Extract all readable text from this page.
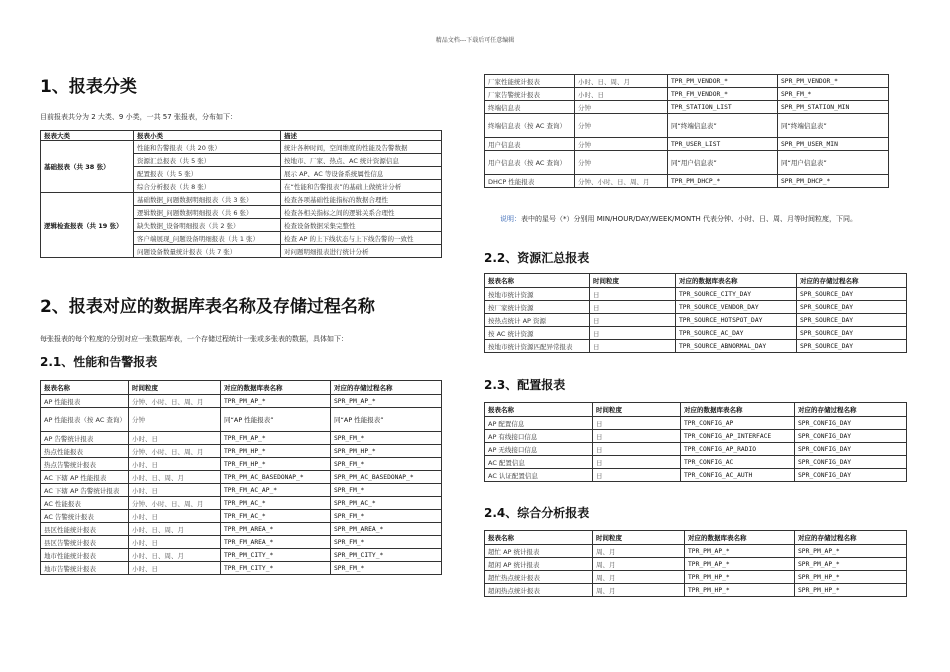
精品文档---下载后可任意编辑
1、报表分类
目前报表共分为 2 大类、9 小类，一共 57 张报表，分布如下：
报表大类	报表小类	描述
基础报表（共 38 张）	性能和告警报表（共 20 张）	统计各种时间，空间维度的性能及告警数据
	资源汇总报表（共 5 张）	按地市、厂家、热点、AC 统计资源信息
	配置报表（共 5 张）	展示 AP、AC 等设备系统属性信息
	综合分析报表（共 8 张）	在“性能和告警报表”的基础上做统计分析
逻辑检查报表（共 19 张）	基础数据_问题数据明细报表（共 3 张）	检查各项基础性能指标的数据合理性
	逻辑数据_问题数据明细报表（共 6 张）	检查各相关指标之间的逻辑关系合理性
	缺失数据_设备明细报表（共 2 张）	检查设备数据采集完整性
	客户端展现_问题设备明细报表（共 1 张）	检查 AP 的上下线状态与上下线告警的一致性
	问题设备数量统计报表（共 7 张）	对问题明细报表进行统计分析
2、报表对应的数据库表名称及存储过程名称
每张报表的每个粒度的分别对应一张数据库表，一个存储过程统计一张或多张表的数据，具体如下：
2.1、性能和告警报表
报表名称	时间粒度	对应的数据库表名称	对应的存储过程名称
AP 性能报表	分钟、小时、日、周、月	TPR_PM_AP_*	SPR_PM_AP_*
AP 性能报表（按 AC 查询）	分钟	同“AP 性能报表”	同“AP 性能报表”
AP 告警统计报表	小时、日	TPR_FM_AP_*	SPR_FM_*
热点性能报表	分钟、小时、日、周、月	TPR_PM_HP_*	SPR_PM_HP_*
热点告警统计报表	小时、日	TPR_FM_HP_*	SPR_FM_*
AC 下辖 AP 性能报表	小时、日、周、月	TPR_PM_AC_BASEDONAP_*	SPR_PM_AC_BASEDONAP_*
AC 下辖 AP 告警统计报表	小时、日	TPR_FM_AC_AP_*	SPR_FM_*
AC 性能报表	分钟、小时、日、周、月	TPR_PM_AC_*	SPR_PM_AC_*
AC 告警统计报表	小时、日	TPR_FM_AC_*	SPR_FM_*
县区性能统计报表	小时、日、周、月	TPR_PM_AREA_*	SPR_PM_AREA_*
县区告警统计报表	小时、日	TPR_FM_AREA_*	SPR_FM_*
地市性能统计报表	小时、日、周、月	TPR_PM_CITY_*	SPR_PM_CITY_*
地市告警统计报表	小时、日	TPR_FM_CITY_*	SPR_FM_*
厂家性能统计报表	小时、日、周、月	TPR_PM_VENDOR_*	SPR_PM_VENDOR_*
厂家告警统计报表	小时、日	TPR_FM_VENDOR_*	SPR_FM_*
终端信息表	分钟	TPR_STATION_LIST	SPR_PM_STATION_MIN
终端信息表（按 AC 查询）	分钟	同“终端信息表”	同“终端信息表”
用户信息表	分钟	TPR_USER_LIST	SPR_PM_USER_MIN
用户信息表（按 AC 查询）	分钟	同“用户信息表”	同“用户信息表”
DHCP 性能报表	分钟、小时、日、周、月	TPR_PM_DHCP_*	SPR_PM_DHCP_*
说明：表中的星号（*）分别用 MIN/HOUR/DAY/WEEK/MONTH 代表分钟、小时、日、周、月等时间粒度，下同。
2.2、资源汇总报表
报表名称	时间粒度	对应的数据库表名称	对应的存储过程名称
按地市统计资源	日	TPR_SOURCE_CITY_DAY	SPR_SOURCE_DAY
按厂家统计资源	日	TPR_SOURCE_VENDOR_DAY	SPR_SOURCE_DAY
按热点统计 AP 资源	日	TPR_SOURCE_HOTSPOT_DAY	SPR_SOURCE_DAY
按 AC 统计资源	日	TPR_SOURCE_AC_DAY	SPR_SOURCE_DAY
按地市统计资源匹配异常报表	日	TPR_SOURCE_ABNORMAL_DAY	SPR_SOURCE_DAY
2.3、配置报表
报表名称	时间粒度	对应的数据库表名称	对应的存储过程名称
AP 配置信息	日	TPR_CONFIG_AP	SPR_CONFIG_DAY
AP 有线接口信息	日	TPR_CONFIG_AP_INTERFACE	SPR_CONFIG_DAY
AP 无线接口信息	日	TPR_CONFIG_AP_RADIO	SPR_CONFIG_DAY
AC 配置信息	日	TPR_CONFIG_AC	SPR_CONFIG_DAY
AC 认证配置信息	日	TPR_CONFIG_AC_AUTH	SPR_CONFIG_DAY
2.4、综合分析报表
报表名称	时间粒度	对应的数据库表名称	对应的存储过程名称
超忙 AP 统计报表	周、月	TPR_PM_AP_*	SPR_PM_AP_*
超闲 AP 统计报表	周、月	TPR_PM_AP_*	SPR_PM_AP_*
超忙热点统计报表	周、月	TPR_PM_HP_*	SPR_PM_HP_*
超闲热点统计报表	周、月	TPR_PM_HP_*	SPR_PM_HP_*
